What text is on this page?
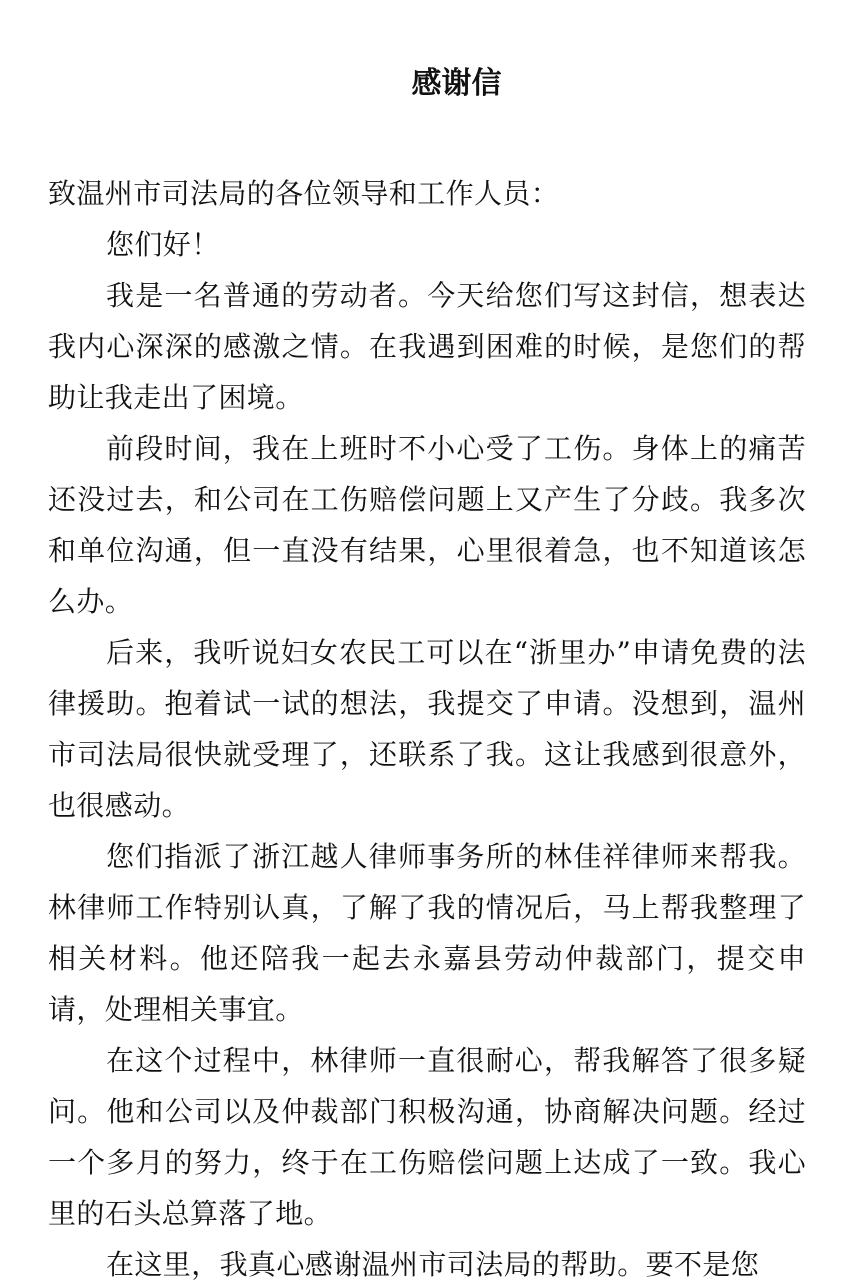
感谢信

致温州市司法局的各位领导和工作人员：

您们好！

我是一名普通的劳动者。今天给您们写这封信，想表达我内心深深的感激之情。在我遇到困难的时候，是您们的帮助让我走出了困境。

前段时间，我在上班时不小心受了工伤。身体上的痛苦还没过去，和公司在工伤赔偿问题上又产生了分歧。我多次和单位沟通，但一直没有结果，心里很着急，也不知道该怎么办。

后来，我听说妇女农民工可以在“浙里办”申请免费的法律援助。抱着试一试的想法，我提交了申请。没想到，温州市司法局很快就受理了，还联系了我。这让我感到很意外，也很感动。

您们指派了浙江越人律师事务所的林佳祥律师来帮我。林律师工作特别认真，了解了我的情况后，马上帮我整理了相关材料。他还陪我一起去永嘉县劳动仲裁部门，提交申请，处理相关事宜。

在这个过程中，林律师一直很耐心，帮我解答了很多疑问。他和公司以及仲裁部门积极沟通，协商解决问题。经过一个多月的努力，终于在工伤赔偿问题上达成了一致。我心里的石头总算落了地。

在这里，我真心感谢温州市司法局的帮助。要不是您
